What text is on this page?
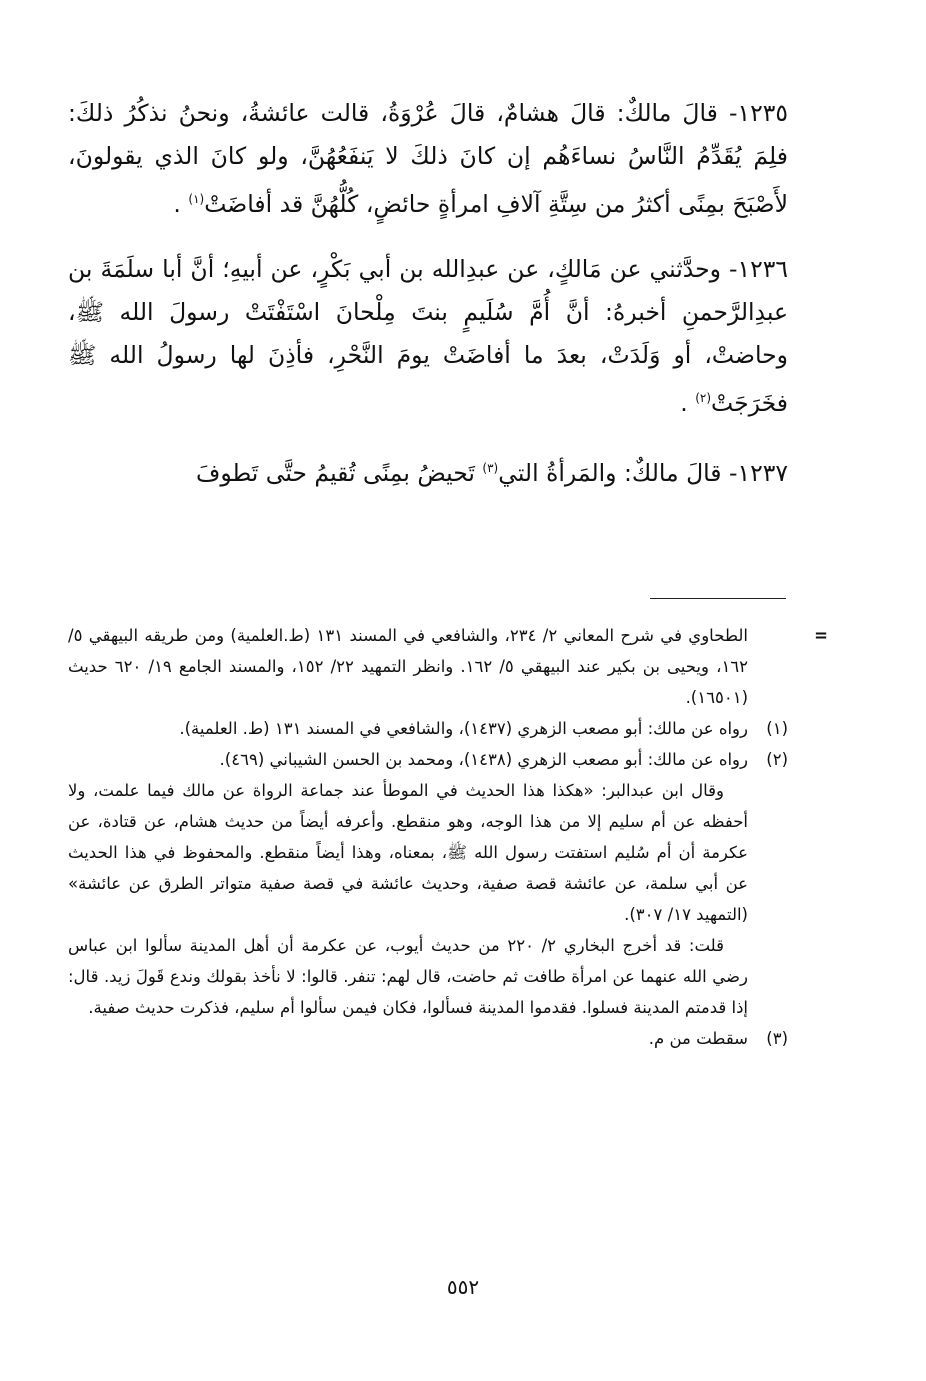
١٢٣٥- قالَ مالكٌ: قالَ هشامٌ، قالَ عُرْوَةُ، قالت عائشةُ، ونحنُ نذكُرُ ذلكَ: فلِمَ يُقَدِّمُ النَّاسُ نساءَهُم إن كانَ ذلكَ لا يَنفَعُهُنَّ، ولو كانَ الذي يقولونَ، لأَصْبَحَ بمِنًى أكثرُ من سِتَّةِ آلافِ امرأةٍ حائضٍ، كُلُّهُنَّ قد أفاضَتْ$^{(١)}$ .

١٢٣٦- وحدَّثني عن مَالكٍ، عن عبدِالله بن أبي بَكْرٍ، عن أبيهِ؛ أنَّ أبا سلَمَةَ بن عبدِالرَّحمنِ أخبرهُ: أنَّ أُمَّ سُلَيمٍ بنتَ مِلْحانَ اسْتَفْتَتْ رسولَ الله ﷺ، وحاضتْ، أو وَلَدَتْ، بعدَ ما أفاضَتْ يومَ النَّحْرِ، فأذِنَ لها رسولُ الله ﷺ فخَرَجَتْ$^{(٢)}$ .

١٢٣٧- قالَ مالكٌ: والمَرأةُ التي$^{(٣)}$ تَحيضُ بمِنًى تُقيمُ حتَّى تَطوفَ

=

الطحاوي في شرح المعاني ٢/ ٢٣٤، والشافعي في المسند ١٣١ (ط.العلمية) ومن طريقه البيهقي ٥/ ١٦٢، ويحيى بن بكير عند البيهقي ٥/ ١٦٢. وانظر التمهيد ٢٢/ ١٥٢، والمسند الجامع ١٩/ ٦٢٠ حديث (١٦٥٠١).

(١)

رواه عن مالك: أبو مصعب الزهري (١٤٣٧)، والشافعي في المسند ١٣١ (ط. العلمية).

(٢)

رواه عن مالك: أبو مصعب الزهري (١٤٣٨)، ومحمد بن الحسن الشيباني (٤٦٩).

وقال ابن عبدالبر: «هكذا هذا الحديث في الموطأ عند جماعة الرواة عن مالك فيما علمت، ولا أحفظه عن أم سليم إلا من هذا الوجه، وهو منقطع. وأعرفه أيضاً من حديث هشام، عن قتادة، عن عكرمة أن أم سُليم استفتت رسول الله ﷺ، بمعناه، وهذا أيضاً منقطع. والمحفوظ في هذا الحديث عن أبي سلمة، عن عائشة قصة صفية، وحديث عائشة في قصة صفية متواتر الطرق عن عائشة» (التمهيد ١٧/ ٣٠٧).

قلت: قد أخرج البخاري ٢/ ٢٢٠ من حديث أيوب، عن عكرمة أن أهل المدينة سألوا ابن عباس رضي الله عنهما عن امرأة طافت ثم حاضت، قال لهم: تنفر. قالوا: لا نأخذ بقولك وندع قَولَ زيد. قال: إذا قدمتم المدينة فسلوا. فقدموا المدينة فسألوا، فكان فيمن سألوا أم سليم، فذكرت حديث صفية.

(٣)

سقطت من م.

٥٥٢
